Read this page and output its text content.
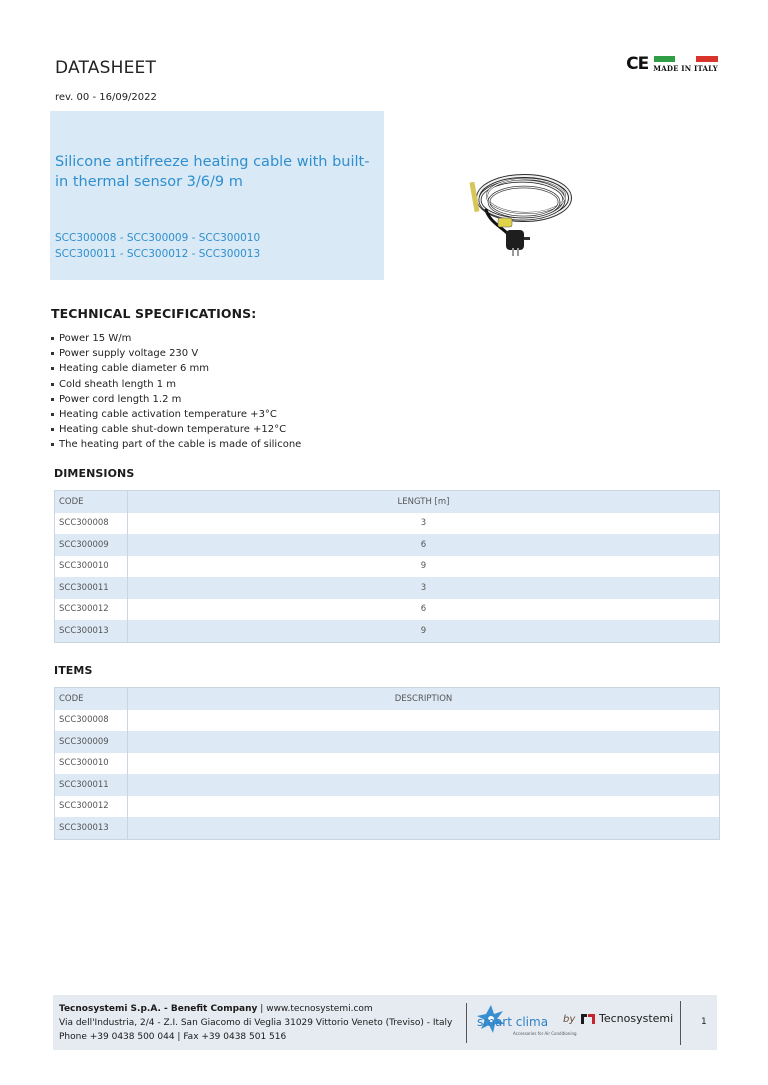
DATASHEET
rev. 00 - 16/09/2022
CE MADE IN ITALY
Silicone antifreeze heating cable with built-in thermal sensor 3/6/9 m
SCC300008 - SCC300009 - SCC300010
SCC300011 - SCC300012 - SCC300013
TECHNICAL SPECIFICATIONS:
Power 15 W/m
Power supply voltage 230 V
Heating cable diameter 6 mm
Cold sheath length 1 m
Power cord length 1.2 m
Heating cable activation temperature +3°C
Heating cable shut-down temperature +12°C
The heating part of the cable is made of silicone
DIMENSIONS
CODE	LENGTH [m]
SCC300008	3
SCC300009	6
SCC300010	9
SCC300011	3
SCC300012	6
SCC300013	9
ITEMS
CODE	DESCRIPTION
SCC300008	
SCC300009	
SCC300010	
SCC300011	
SCC300012	
SCC300013	
Tecnosystemi S.p.A. - Benefit Company | www.tecnosystemi.com
Via dell'Industria, 2/4 - Z.I. San Giacomo di Veglia 31029 Vittorio Veneto (Treviso) - Italy
Phone +39 0438 500 044 | Fax +39 0438 501 516
smart clima
Accessories for Air Conditioning
by Tecnosystemi	1
